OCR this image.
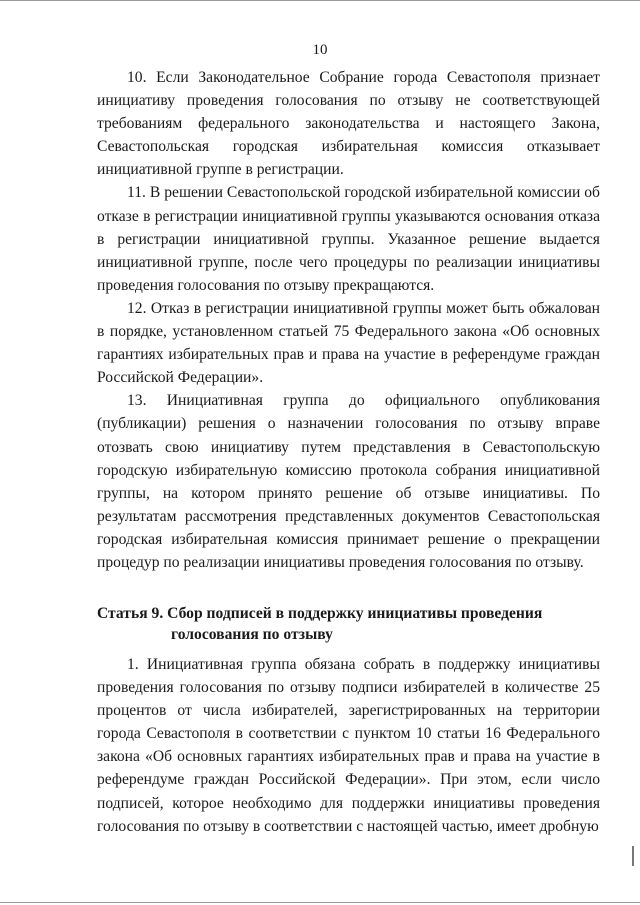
10

10. Если Законодательное Собрание города Севастополя признает инициативу проведения голосования по отзыву не соответствующей требованиям федерального законодательства и настоящего Закона, Севастопольская городская избирательная комиссия отказывает инициативной группе в регистрации.

11. В решении Севастопольской городской избирательной комиссии об отказе в регистрации инициативной группы указываются основания отказа в регистрации инициативной группы. Указанное решение выдается инициативной группе, после чего процедуры по реализации инициативы проведения голосования по отзыву прекращаются.

12. Отказ в регистрации инициативной группы может быть обжалован в порядке, установленном статьей 75 Федерального закона «Об основных гарантиях избирательных прав и права на участие в референдуме граждан Российской Федерации».

13. Инициативная группа до официального опубликования (публикации) решения о назначении голосования по отзыву вправе отозвать свою инициативу путем представления в Севастопольскую городскую избирательную комиссию протокола собрания инициативной группы, на котором принято решение об отзыве инициативы. По результатам рассмотрения представленных документов Севастопольская городская избирательная комиссия принимает решение о прекращении процедур по реализации инициативы проведения голосования по отзыву.

Статья 9. Сбор подписей в поддержку инициативы проведения
голосования по отзыву

1. Инициативная группа обязана собрать в поддержку инициативы проведения голосования по отзыву подписи избирателей в количестве 25 процентов от числа избирателей, зарегистрированных на территории города Севастополя в соответствии с пунктом 10 статьи 16 Федерального закона «Об основных гарантиях избирательных прав и права на участие в референдуме граждан Российской Федерации». При этом, если число подписей, которое необходимо для поддержки инициативы проведения голосования по отзыву в соответствии с настоящей частью, имеет дробную
